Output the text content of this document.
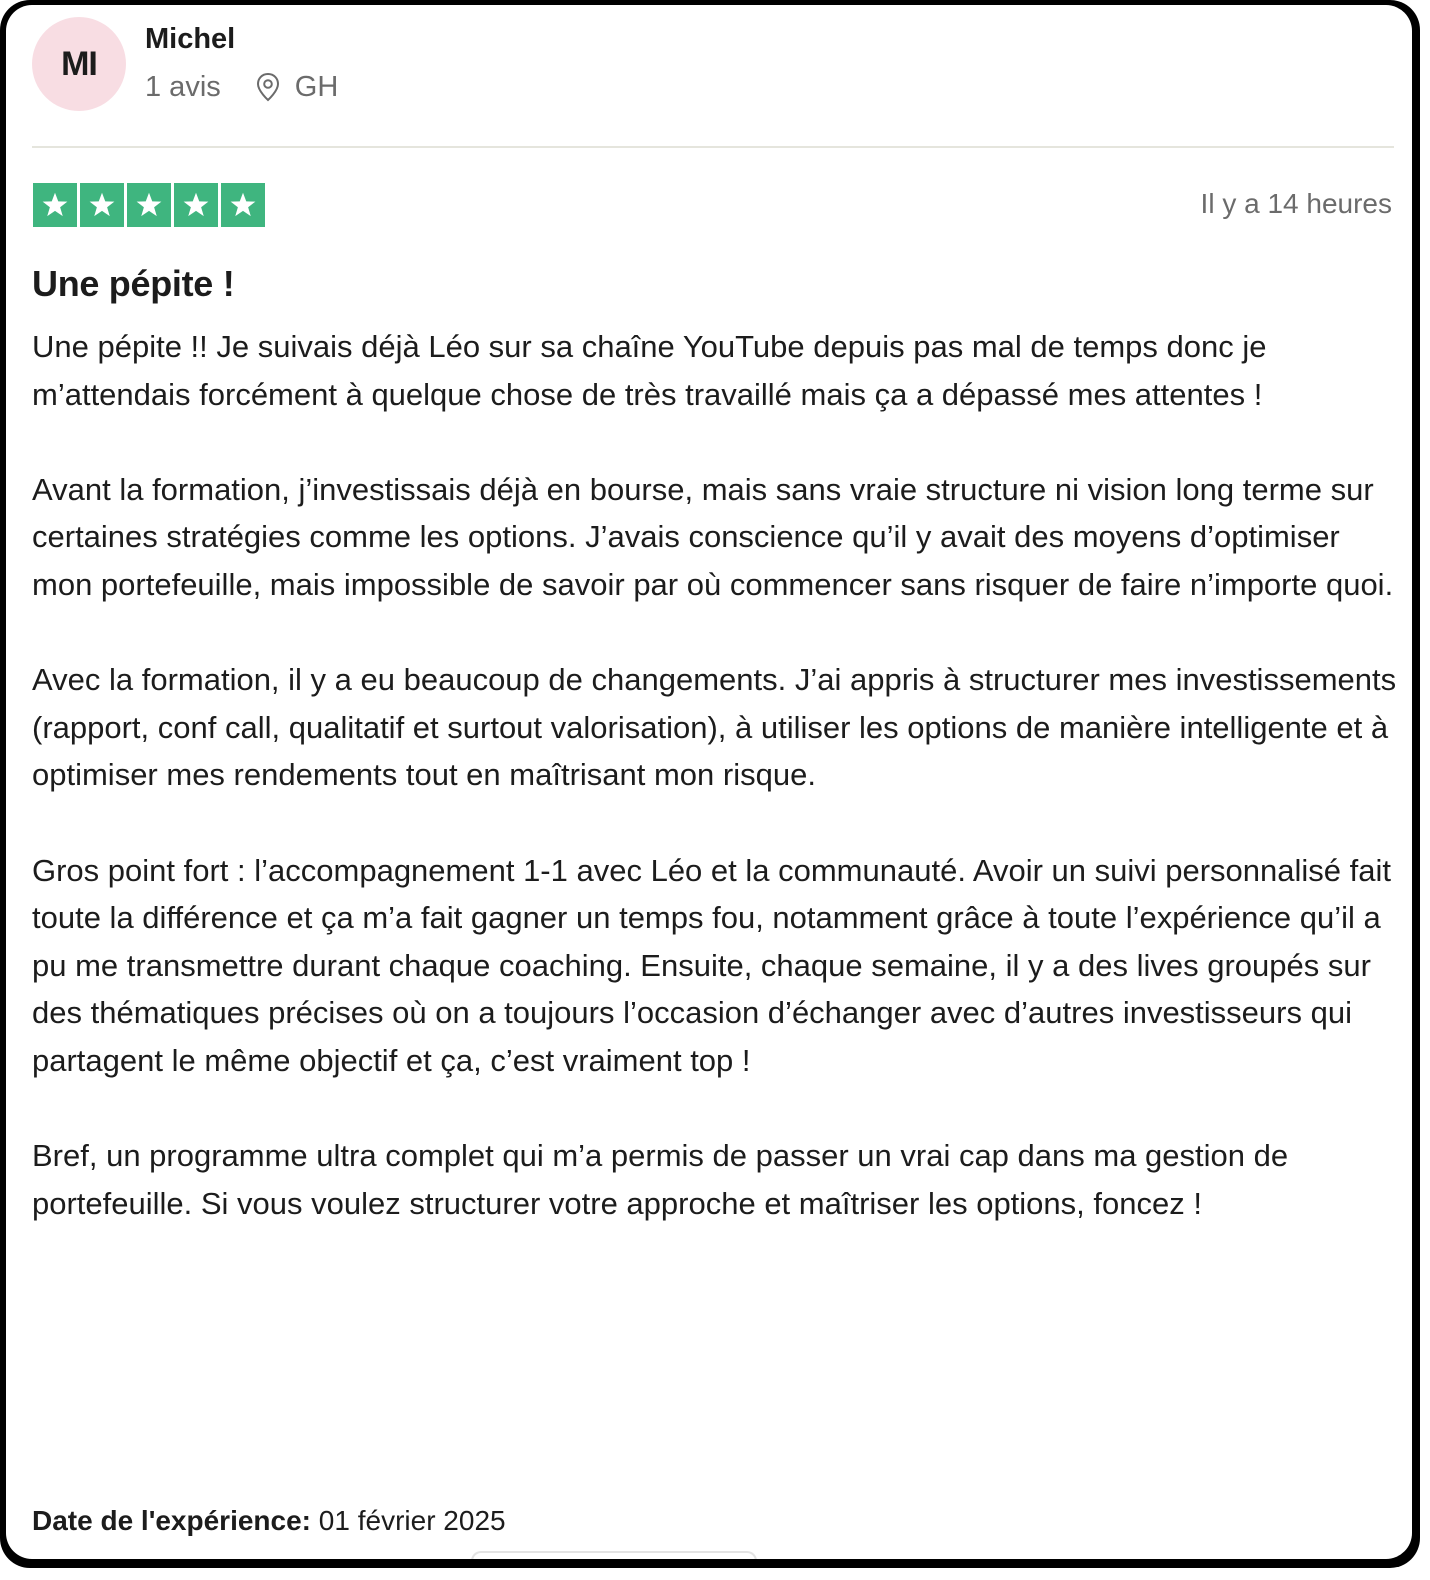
MI
Michel
1 avis	GH
Il y a 14 heures
Une pépite !

Une pépite !! Je suivais déjà Léo sur sa chaîne YouTube depuis pas mal de temps donc je m’attendais forcément à quelque chose de très travaillé mais ça a dépassé mes attentes !

Avant la formation, j’investissais déjà en bourse, mais sans vraie structure ni vision long terme sur certaines stratégies comme les options. J’avais conscience qu’il y avait des moyens d’optimiser mon portefeuille, mais impossible de savoir par où commencer sans risquer de faire n’importe quoi.

Avec la formation, il y a eu beaucoup de changements. J’ai appris à structurer mes investissements (rapport, conf call, qualitatif et surtout valorisation), à utiliser les options de manière intelligente et à optimiser mes rendements tout en maîtrisant mon risque.

Gros point fort : l’accompagnement 1-1 avec Léo et la communauté. Avoir un suivi personnalisé fait toute la différence et ça m’a fait gagner un temps fou, notamment grâce à toute l’expérience qu’il a pu me transmettre durant chaque coaching. Ensuite, chaque semaine, il y a des lives groupés sur des thématiques précises où on a toujours l’occasion d’échanger avec d’autres investisseurs qui partagent le même objectif et ça, c’est vraiment top !

Bref, un programme ultra complet qui m’a permis de passer un vrai cap dans ma gestion de portefeuille. Si vous voulez structurer votre approche et maîtriser les options, foncez !

Date de l'expérience: 01 février 2025
